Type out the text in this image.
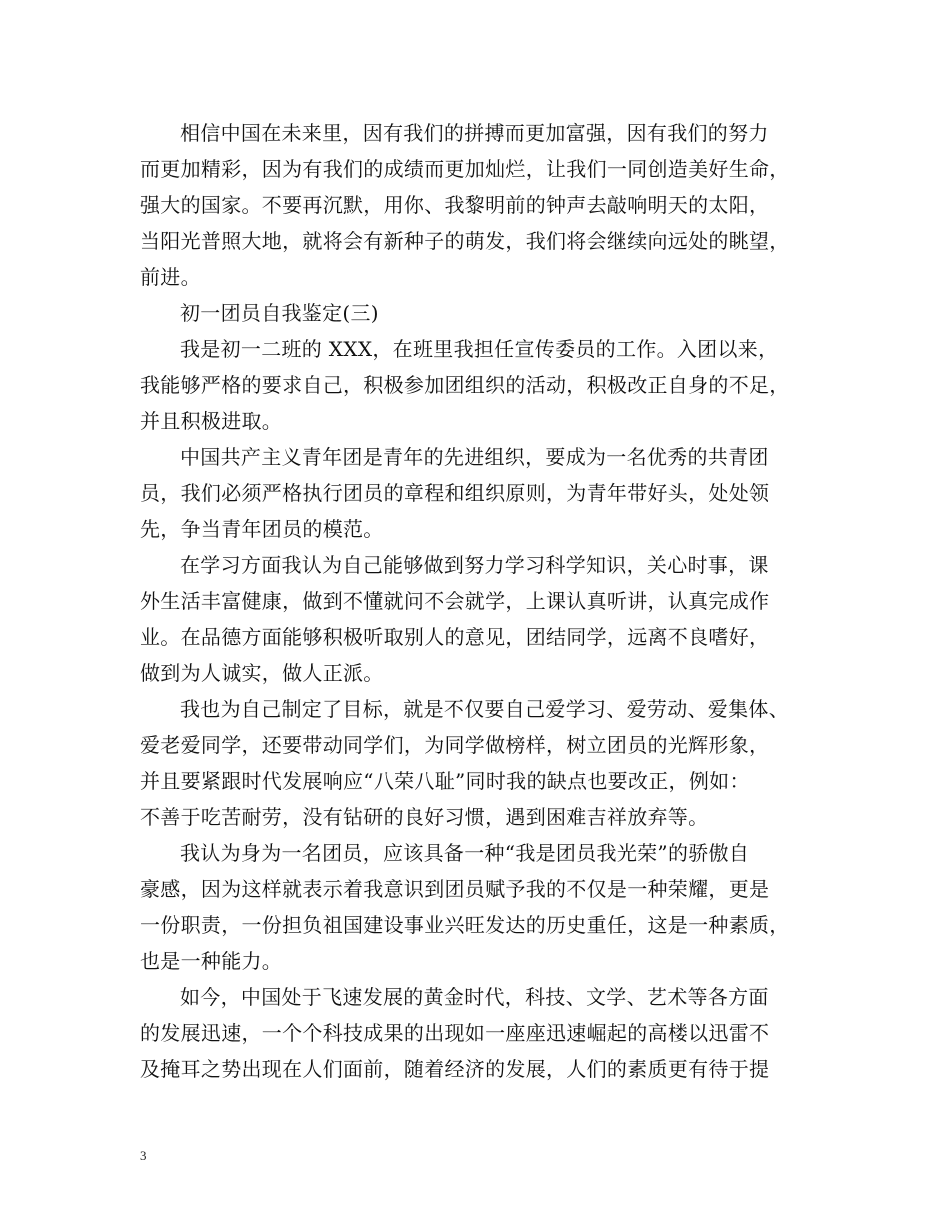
相信中国在未来里，因有我们的拼搏而更加富强，因有我们的努力
而更加精彩，因为有我们的成绩而更加灿烂，让我们一同创造美好生命，
强大的国家。不要再沉默，用你、我黎明前的钟声去敲响明天的太阳，
当阳光普照大地，就将会有新种子的萌发，我们将会继续向远处的眺望，
前进。
初一团员自我鉴定(三)
我是初一二班的 XXX，在班里我担任宣传委员的工作。入团以来，
我能够严格的要求自己，积极参加团组织的活动，积极改正自身的不足，
并且积极进取。
中国共产主义青年团是青年的先进组织，要成为一名优秀的共青团
员，我们必须严格执行团员的章程和组织原则，为青年带好头，处处领
先，争当青年团员的模范。
在学习方面我认为自己能够做到努力学习科学知识，关心时事，课
外生活丰富健康，做到不懂就问不会就学，上课认真听讲，认真完成作
业。在品德方面能够积极听取别人的意见，团结同学，远离不良嗜好，
做到为人诚实，做人正派。
我也为自己制定了目标，就是不仅要自己爱学习、爱劳动、爱集体、
爱老爱同学，还要带动同学们，为同学做榜样，树立团员的光辉形象，
并且要紧跟时代发展响应“八荣八耻”同时我的缺点也要改正，例如：
不善于吃苦耐劳，没有钻研的良好习惯，遇到困难吉祥放弃等。
我认为身为一名团员，应该具备一种“我是团员我光荣”的骄傲自
豪感，因为这样就表示着我意识到团员赋予我的不仅是一种荣耀，更是
一份职责，一份担负祖国建设事业兴旺发达的历史重任，这是一种素质，
也是一种能力。
如今，中国处于飞速发展的黄金时代，科技、文学、艺术等各方面
的发展迅速，一个个科技成果的出现如一座座迅速崛起的高楼以迅雷不
及掩耳之势出现在人们面前，随着经济的发展，人们的素质更有待于提
3
